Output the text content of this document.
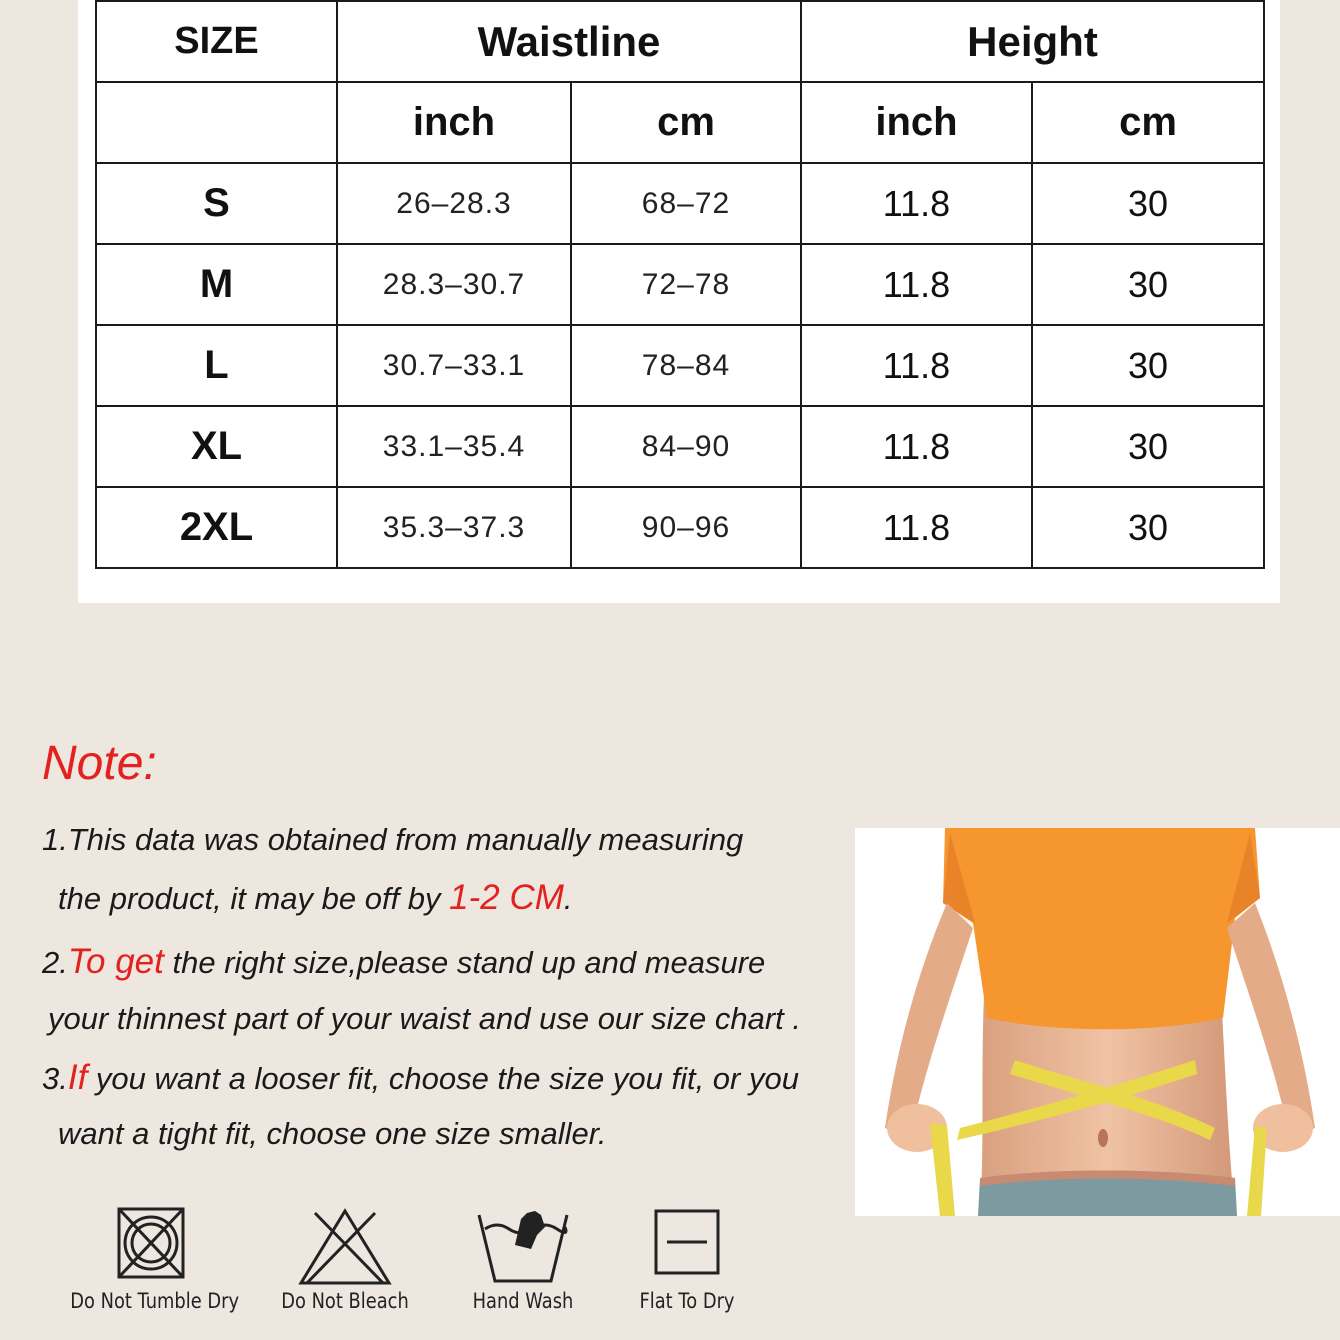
SIZE	Waistline		Height	
	inch	cm	inch	cm
S	26–28.3	68–72	11.8	30
M	28.3–30.7	72–78	11.8	30
L	30.7–33.1	78–84	11.8	30
XL	33.1–35.4	84–90	11.8	30
2XL	35.3–37.3	90–96	11.8	30
Note:
1.This data was obtained from manually measuring
the product, it may be off by 1-2 CM.
2.To get the right size,please stand up and measure
your thinnest part of your waist and use our size chart .
3.If you want a looser fit, choose the size you fit, or you
want a tight fit, choose one size smaller.
Do Not Tumble Dry	Do Not Bleach	Hand Wash	Flat To Dry
